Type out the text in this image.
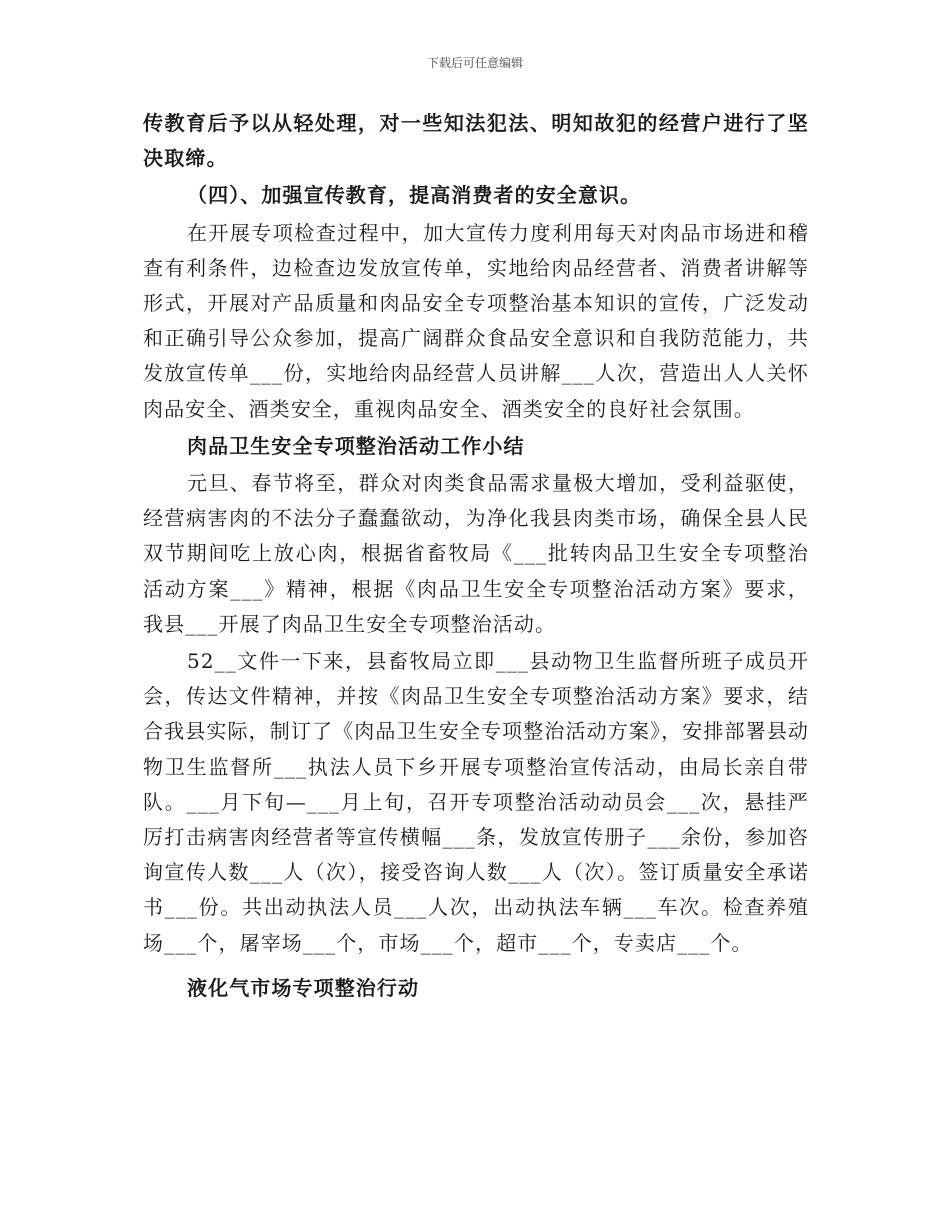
下载后可任意编辑

传教育后予以从轻处理，对一些知法犯法、明知故犯的经营户进行了坚决取缔。

（四）、加强宣传教育，提高消费者的安全意识。

在开展专项检查过程中，加大宣传力度利用每天对肉品市场进和稽查有利条件，边检查边发放宣传单，实地给肉品经营者、消费者讲解等形式，开展对产品质量和肉品安全专项整治基本知识的宣传，广泛发动和正确引导公众参加，提高广阔群众食品安全意识和自我防范能力，共发放宣传单___份，实地给肉品经营人员讲解___人次，营造出人人关怀肉品安全、酒类安全，重视肉品安全、酒类安全的良好社会氛围。

肉品卫生安全专项整治活动工作小结

元旦、春节将至，群众对肉类食品需求量极大增加，受利益驱使，经营病害肉的不法分子蠢蠢欲动，为净化我县肉类市场，确保全县人民双节期间吃上放心肉，根据省畜牧局《___批转肉品卫生安全专项整治活动方案___》精神，根据《肉品卫生安全专项整治活动方案》要求，我县___开展了肉品卫生安全专项整治活动。

52__文件一下来，县畜牧局立即___县动物卫生监督所班子成员开会，传达文件精神，并按《肉品卫生安全专项整治活动方案》要求，结合我县实际，制订了《肉品卫生安全专项整治活动方案》，安排部署县动物卫生监督所___执法人员下乡开展专项整治宣传活动，由局长亲自带队。___月下旬—___月上旬，召开专项整治活动动员会___次，悬挂严厉打击病害肉经营者等宣传横幅___条，发放宣传册子___余份，参加咨询宣传人数___人（次），接受咨询人数___人（次）。签订质量安全承诺书___份。共出动执法人员___人次，出动执法车辆___车次。检查养殖场___个，屠宰场___个，市场___个，超市___个，专卖店___个。

液化气市场专项整治行动
